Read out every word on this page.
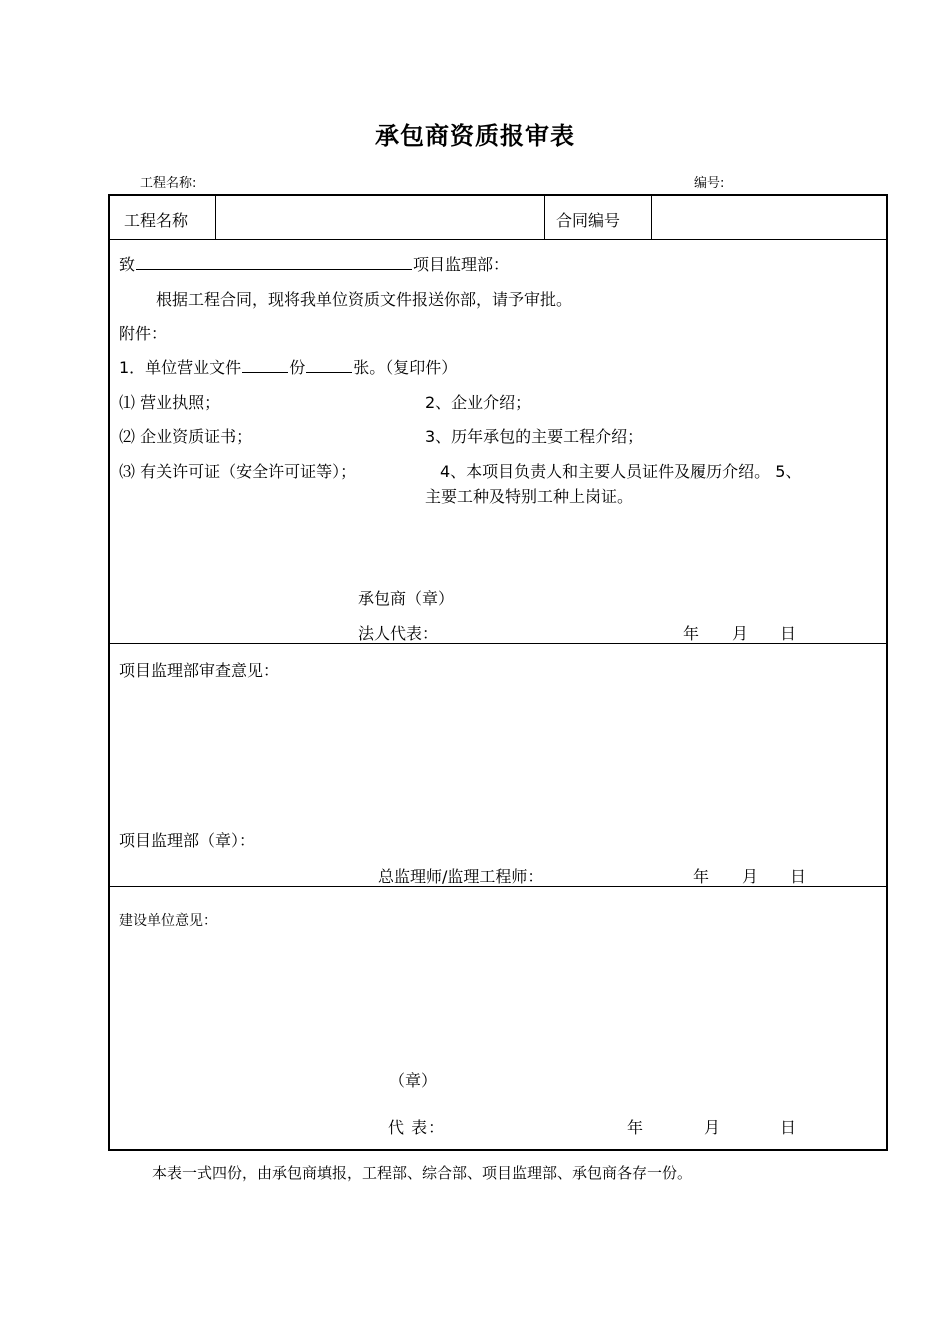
承包商资质报审表
工程名称:	编号:
工程名称	合同编号
致	项目监理部：
根据工程合同，现将我单位资质文件报送你部，请予审批。
附件：
1．单位营业文件	份	张。（复印件）
⑴ 营业执照；
⑵ 企业资质证书；
⑶ 有关许可证（安全许可证等）；
2、企业介绍；
3、历年承包的主要工程介绍；
4、本项目负责人和主要人员证件及履历介绍。 5、
主要工种及特别工种上岗证。
承包商（章）
法人代表：	年 月 日
项目监理部审查意见：
项目监理部（章）：
总监理师/监理工程师：	年 月 日
建设单位意见：
（章）
代 表：	年	月	日
本表一式四份，由承包商填报，工程部、综合部、项目监理部、承包商各存一份。
